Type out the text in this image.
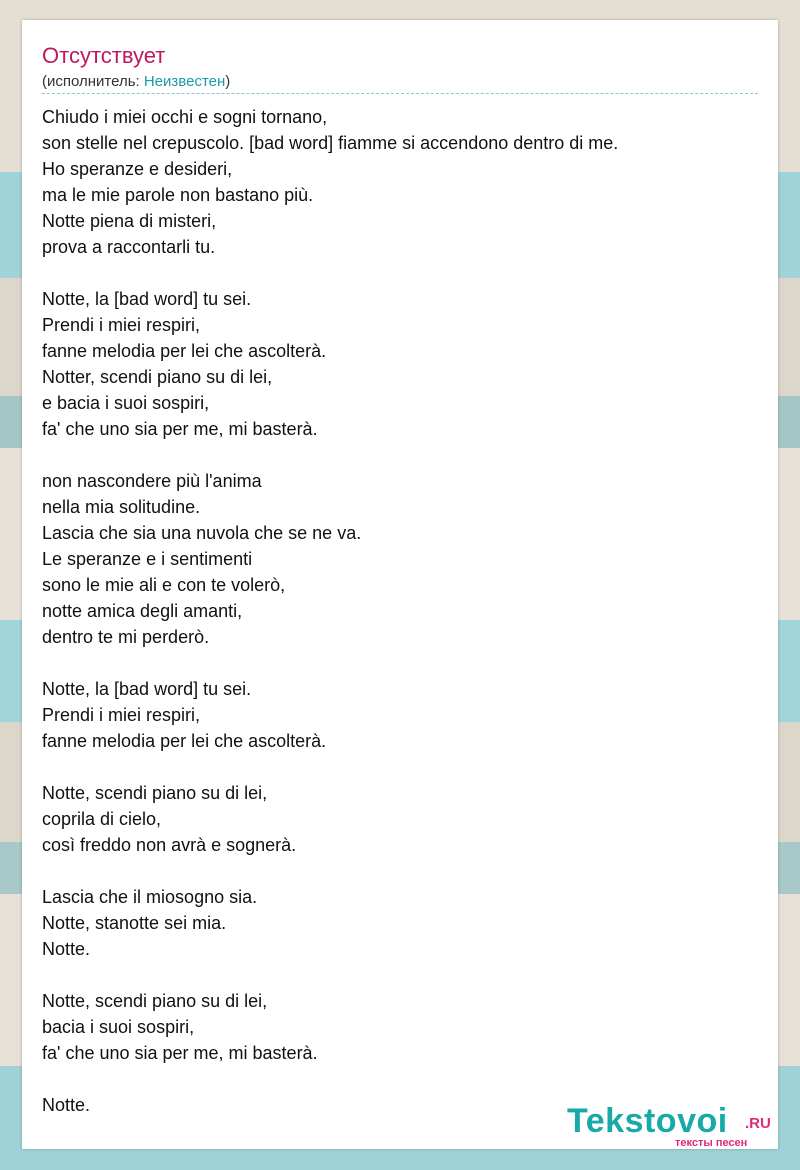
Отсутствует
(исполнитель: Неизвестен)
Chiudo i miei occhi e sogni tornano,
son stelle nel crepuscolo. [bad word] fiamme si accendono dentro di me.
Ho speranze e desideri,
ma le mie parole non bastano più.
Notte piena di misteri,
prova a raccontarli tu.
Notte, la [bad word] tu sei.
Prendi i miei respiri,
fanne melodia per lei che ascolterà.
Notter, scendi piano su di lei,
e bacia i suoi sospiri,
fa' che uno sia per me, mi basterà.
non nascondere più l'anima
nella mia solitudine.
Lascia che sia una nuvola che se ne va.
Le speranze e i sentimenti
sono le mie ali e con te volerò,
notte amica degli amanti,
dentro te mi perderò.
Notte, la [bad word] tu sei.
Prendi i miei respiri,
fanne melodia per lei che ascolterà.
Notte, scendi piano su di lei,
coprila di cielo,
così freddo non avrà e sognerà.
Lascia che il miosogno sia.
Notte, stanotte sei mia.
Notte.
Notte, scendi piano su di lei,
bacia i suoi sospiri,
fa' che uno sia per me, mi basterà.
Notte.	Tekstovoi .RU
тексты песен
